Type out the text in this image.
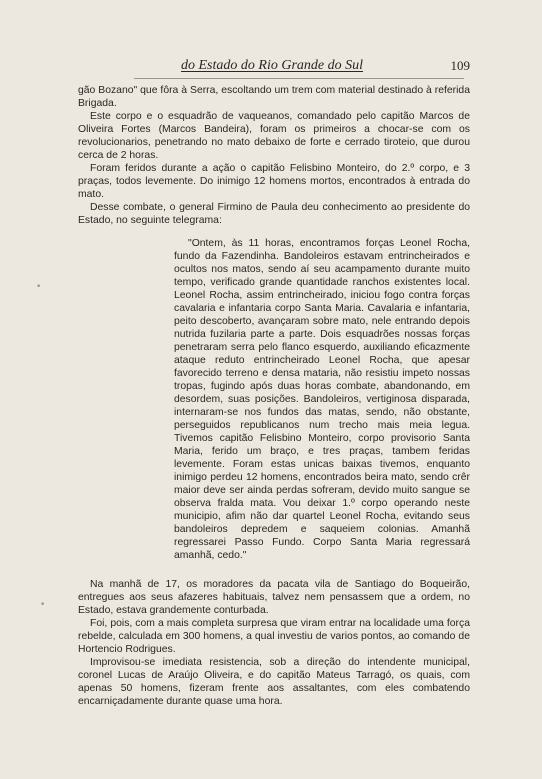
do Estado do Rio Grande do Sul	109

gão Bozano" que fôra à Serra, escoltando um trem com material destinado à referida Brigada.

Este corpo e o esquadrão de vaqueanos, comandado pelo capitão Marcos de Oliveira Fortes (Marcos Bandeira), foram os primeiros a chocar-se com os revolucionarios, penetrando no mato debaixo de forte e cerrado tiroteio, que durou cerca de 2 horas.

Foram feridos durante a ação o capitão Felisbino Monteiro, do 2.º corpo, e 3 praças, todos levemente. Do inimigo 12 homens mortos, encontrados à entrada do mato.

Desse combate, o general Firmino de Paula deu conhecimento ao presidente do Estado, no seguinte telegrama:

"Ontem, às 11 horas, encontramos forças Leonel Rocha, fundo da Fazendinha. Bandoleiros estavam entrincheirados e ocultos nos matos, sendo aí seu acampamento durante muito tempo, verificado grande quantidade ranchos existentes local. Leonel Rocha, assim entrincheirado, iniciou fogo contra forças cavalaria e infantaria corpo Santa Maria. Cavalaria e infantaria, peito descoberto, avançaram sobre mato, nele entrando depois nutrida fuzilaria parte a parte. Dois esquadrões nossas forças penetraram serra pelo flanco esquerdo, auxiliando eficazmente ataque reduto entrincheirado Leonel Rocha, que apesar favorecido terreno e densa mataria, não resistiu impeto nossas tropas, fugindo após duas horas combate, abandonando, em desordem, suas posições. Bandoleiros, vertiginosa disparada, internaram-se nos fundos das matas, sendo, não obstante, perseguidos republicanos num trecho mais meia legua. Tivemos capitão Felisbino Monteiro, corpo provisorio Santa Maria, ferido um braço, e tres praças, tambem feridas levemente. Foram estas unicas baixas tivemos, enquanto inimigo perdeu 12 homens, encontrados beira mato, sendo crêr maior deve ser ainda perdas sofreram, devido muito sangue se observa fralda mata. Vou deixar 1.º corpo operando neste municipio, afim não dar quartel Leonel Rocha, evitando seus bandoleiros depredem e saqueiem colonias. Amanhã regressarei Passo Fundo. Corpo Santa Maria regressará amanhã, cedo."

Na manhã de 17, os moradores da pacata vila de Santiago do Boqueirão, entregues aos seus afazeres habituais, talvez nem pensassem que a ordem, no Estado, estava grandemente conturbada.

Foi, pois, com a mais completa surpresa que viram entrar na localidade uma força rebelde, calculada em 300 homens, a qual investiu de varios pontos, ao comando de Hortencio Rodrigues.

Improvisou-se imediata resistencia, sob a direção do intendente municipal, coronel Lucas de Araújo Oliveira, e do capitão Mateus Tarragó, os quais, com apenas 50 homens, fizeram frente aos assaltantes, com eles combatendo encarniçadamente durante quase uma hora.

•
•
